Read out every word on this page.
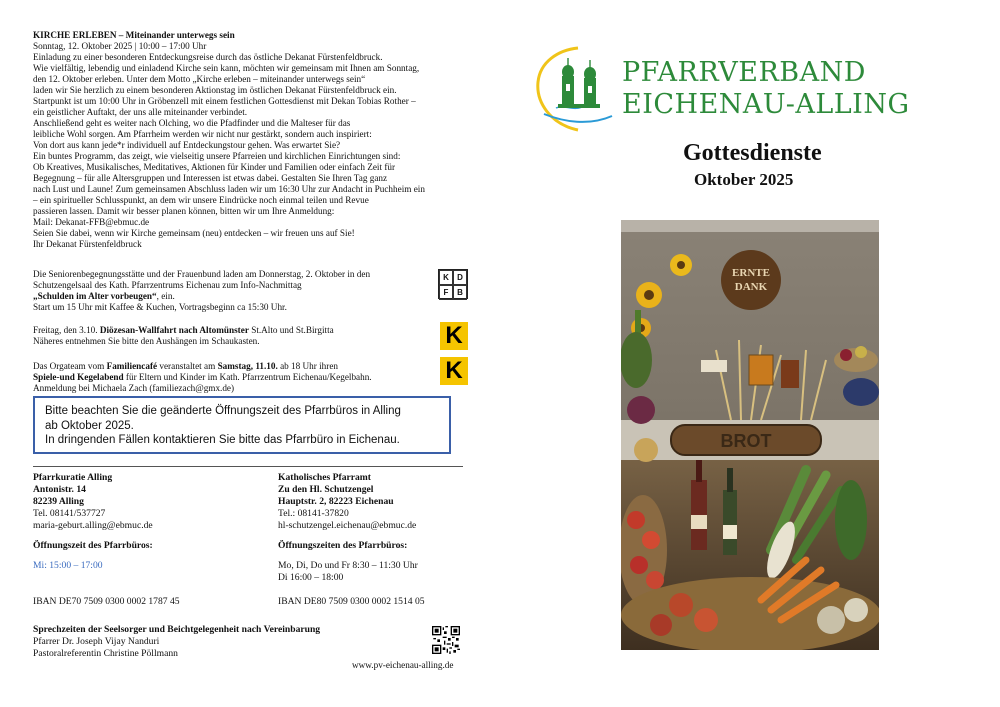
KIRCHE ERLEBEN – Miteinander unterwegs sein

Sonntag, 12. Oktober 2025 | 10:00 – 17:00 Uhr

Einladung zu einer besonderen Entdeckungsreise durch das östliche Dekanat Fürstenfeldbruck.

Wie vielfältig, lebendig und einladend Kirche sein kann, möchten wir gemeinsam mit Ihnen am Sonntag,

den 12. Oktober erleben. Unter dem Motto „Kirche erleben – miteinander unterwegs sein“

laden wir Sie herzlich zu einem besonderen Aktionstag im östlichen Dekanat Fürstenfeldbruck ein.

Startpunkt ist um 10:00 Uhr in Gröbenzell mit einem festlichen Gottesdienst mit Dekan Tobias Rother –

ein geistlicher Auftakt, der uns alle miteinander verbindet.

Anschließend geht es weiter nach Olching, wo die Pfadfinder und die Malteser für das

leibliche Wohl sorgen. Am Pfarrheim werden wir nicht nur gestärkt, sondern auch inspiriert:

Von dort aus kann jede*r individuell auf Entdeckungstour gehen. Was erwartet Sie?

Ein buntes Programm, das zeigt, wie vielseitig unsere Pfarreien und kirchlichen Einrichtungen sind:

Ob Kreatives, Musikalisches, Meditatives, Aktionen für Kinder und Familien oder einfach Zeit für

Begegnung – für alle Altersgruppen und Interessen ist etwas dabei. Gestalten Sie Ihren Tag ganz

nach Lust und Laune! Zum gemeinsamen Abschluss laden wir um 16:30 Uhr zur Andacht in Puchheim ein

– ein spiritueller Schlusspunkt, an dem wir unsere Eindrücke noch einmal teilen und Revue

passieren lassen. Damit wir besser planen können, bitten wir um Ihre Anmeldung:

Mail: Dekanat-FFB@ebmuc.de

Seien Sie dabei, wenn wir Kirche gemeinsam (neu) entdecken – wir freuen uns auf Sie!

Ihr Dekanat Fürstenfeldbruck

Die Seniorenbegegnungsstätte und der Frauenbund laden am Donnerstag, 2. Oktober in den

Schutzengelsaal des Kath. Pfarrzentrums Eichenau zum Info-Nachmittag

„Schulden im Alter vorbeugen“, ein.

Start um 15 Uhr mit Kaffee & Kuchen, Vortragsbeginn ca 15:30 Uhr.

K	D
F	B

Freitag, den 3.10. Diözesan-Wallfahrt nach Altomünster St.Alto und St.Birgitta

Näheres entnehmen Sie bitte den Aushängen im Schaukasten.	K

Das Orgateam vom Familiencafé veranstaltet am Samstag, 11.10. ab 18 Uhr ihren

Spiele-und Kegelabend für Eltern und Kinder im Kath. Pfarrzentrum Eichenau/Kegelbahn.

Anmeldung bei Michaela Zach (familiezach@gmx.de)

K

Bitte beachten Sie die geänderte Öffnungszeit des Pfarrbüros in Alling

ab Oktober 2025.

In dringenden Fällen kontaktieren Sie bitte das Pfarrbüro in Eichenau.

Pfarrkuratie Alling

Antonistr. 14

82239 Alling

Tel. 08141/537727

maria-geburt.alling@ebmuc.de

Öffnungszeit des Pfarrbüros:

Mi: 15:00 – 17:00

IBAN DE70 7509 0300 0002 1787 45

Katholisches Pfarramt

Zu den Hl. Schutzengel

Hauptstr. 2, 82223 Eichenau

Tel.: 08141-37820

hl-schutzengel.eichenau@ebmuc.de

Öffnungszeiten des Pfarrbüros:

Mo, Di, Do und Fr 8:30 – 11:30 Uhr

Di 16:00 – 18:00

IBAN DE80 7509 0300 0002 1514 05

Sprechzeiten der Seelsorger und Beichtgelegenheit nach Vereinbarung

Pfarrer Dr. Joseph Vijay Nanduri

Pastoralreferentin Christine Pöllmann

www.pv-eichenau-alling.de
PFARRVERBAND
EICHENAU-ALLING
Gottesdienste
Oktober 2025
ERNTE
DANK
BROT
